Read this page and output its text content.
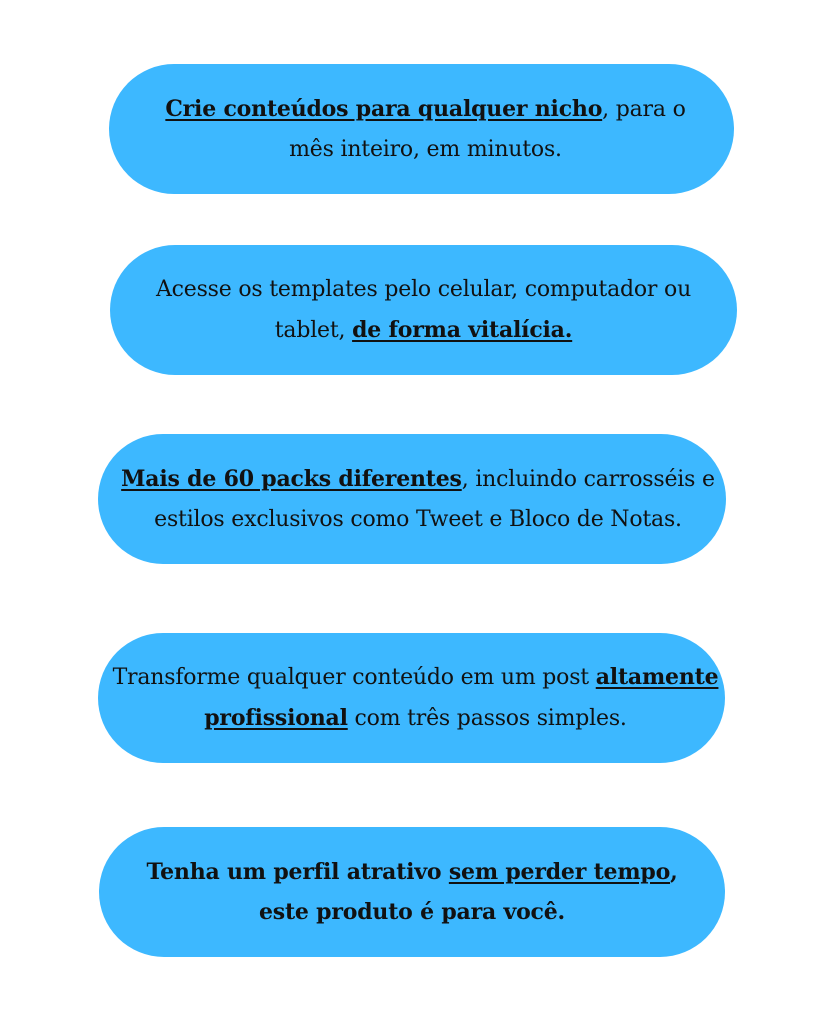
Crie conteúdos para qualquer nicho, para o
mês inteiro, em minutos.
Acesse os templates pelo celular, computador ou
tablet, de forma vitalícia.
Mais de 60 packs diferentes, incluindo carrosséis e
estilos exclusivos como Tweet e Bloco de Notas.
Transforme qualquer conteúdo em um post altamente
profissional com três passos simples.
Tenha um perfil atrativo sem perder tempo,
este produto é para você.
